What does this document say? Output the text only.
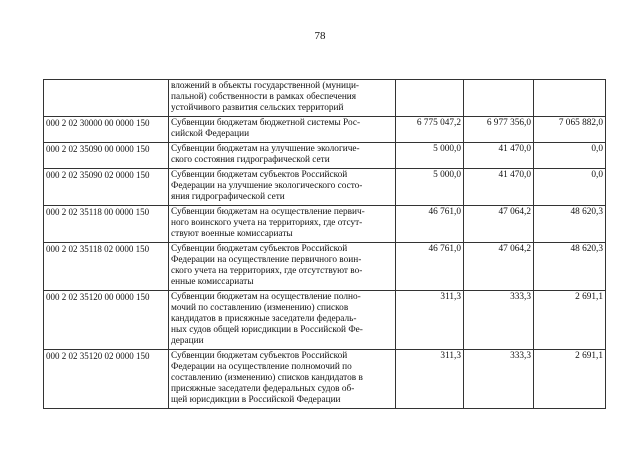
78
	вложений в объекты государственной (муници-
пальной) собственности в рамках обеспечения
устойчивого развития сельских территорий			
000 2 02 30000 00 0000 150	Субвенции бюджетам бюджетной системы Рос-
сийской Федерации	6 775 047,2	6 977 356,0	7 065 882,0
000 2 02 35090 00 0000 150	Субвенции бюджетам на улучшение экологиче-
ского состояния гидрографической сети	5 000,0	41 470,0	0,0
000 2 02 35090 02 0000 150	Субвенции бюджетам субъектов Российской
Федерации на улучшение экологического состо-
яния гидрографической сети	5 000,0	41 470,0	0,0
000 2 02 35118 00 0000 150	Субвенции бюджетам на осуществление первич-
ного воинского учета на территориях, где отсут-
ствуют военные комиссариаты	46 761,0	47 064,2	48 620,3
000 2 02 35118 02 0000 150	Субвенции бюджетам субъектов Российской
Федерации на осуществление первичного воин-
ского учета на территориях, где отсутствуют во-
енные комиссариаты	46 761,0	47 064,2	48 620,3
000 2 02 35120 00 0000 150	Субвенции бюджетам на осуществление полно-
мочий по составлению (изменению) списков
кандидатов в присяжные заседатели федераль-
ных судов общей юрисдикции в Российской Фе-
дерации	311,3	333,3	2 691,1
000 2 02 35120 02 0000 150	Субвенции бюджетам субъектов Российской
Федерации на осуществление полномочий по
составлению (изменению) списков кандидатов в
присяжные заседатели федеральных судов об-
щей юрисдикции в Российской Федерации	311,3	333,3	2 691,1
